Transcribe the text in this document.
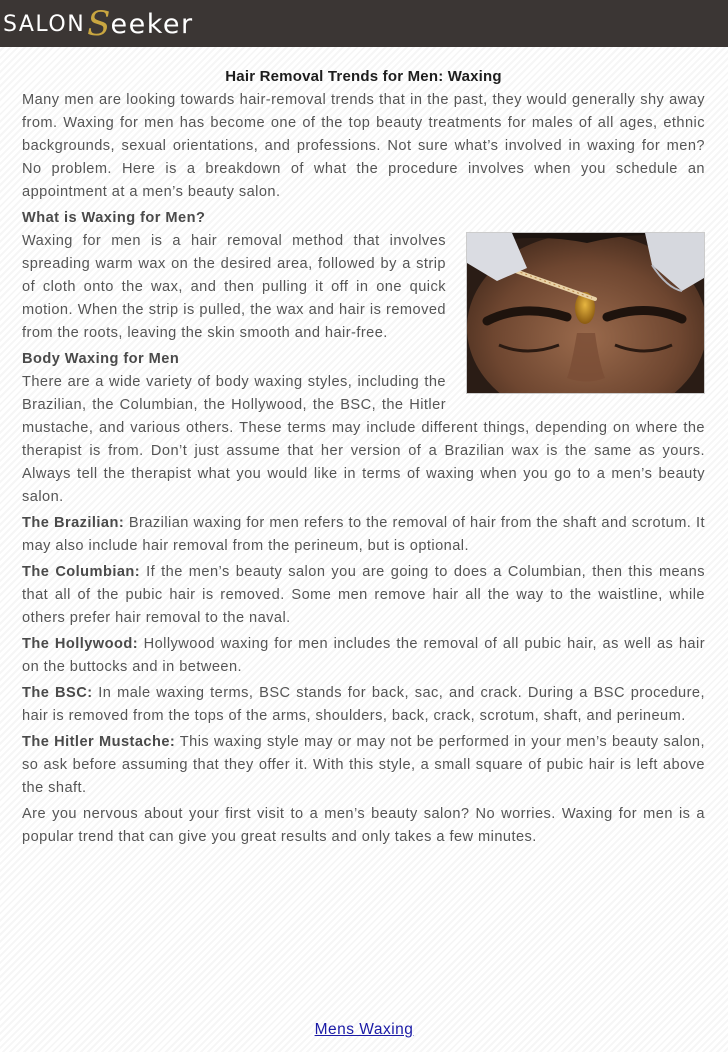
SALON S eeker
Hair Removal Trends for Men: Waxing

Many men are looking towards hair-removal trends that in the past, they would generally shy away from. Waxing for men has become one of the top beauty treatments for males of all ages, ethnic backgrounds, sexual orientations, and professions. Not sure what’s involved in waxing for men? No problem. Here is a breakdown of what the procedure involves when you schedule an appointment at a men’s beauty salon.

What is Waxing for Men?

Waxing for men is a hair removal method that involves spreading warm wax on the desired area, followed by a strip of cloth onto the wax, and then pulling it off in one quick motion. When the strip is pulled, the wax and hair is removed from the roots, leaving the skin smooth and hair-free.

Body Waxing for Men

There are a wide variety of body waxing styles, including the Brazilian, the Columbian, the Hollywood, the BSC, the Hitler mustache, and various others. These terms may include different things, depending on where the therapist is from. Don’t just assume that her version of a Brazilian wax is the same as yours. Always tell the therapist what you would like in terms of waxing when you go to a men’s beauty salon.

The Brazilian: Brazilian waxing for men refers to the removal of hair from the shaft and scrotum. It may also include hair removal from the perineum, but is optional.

The Columbian: If the men’s beauty salon you are going to does a Columbian, then this means that all of the pubic hair is removed. Some men remove hair all the way to the waistline, while others prefer hair removal to the naval.

The Hollywood: Hollywood waxing for men includes the removal of all pubic hair, as well as hair on the buttocks and in between.

The BSC: In male waxing terms, BSC stands for back, sac, and crack. During a BSC procedure, hair is removed from the tops of the arms, shoulders, back, crack, scrotum, shaft, and perineum.

The Hitler Mustache: This waxing style may or may not be performed in your men’s beauty salon, so ask before assuming that they offer it. With this style, a small square of pubic hair is left above the shaft.

Are you nervous about your first visit to a men’s beauty salon? No worries. Waxing for men is a popular trend that can give you great results and only takes a few minutes.

Mens Waxing
